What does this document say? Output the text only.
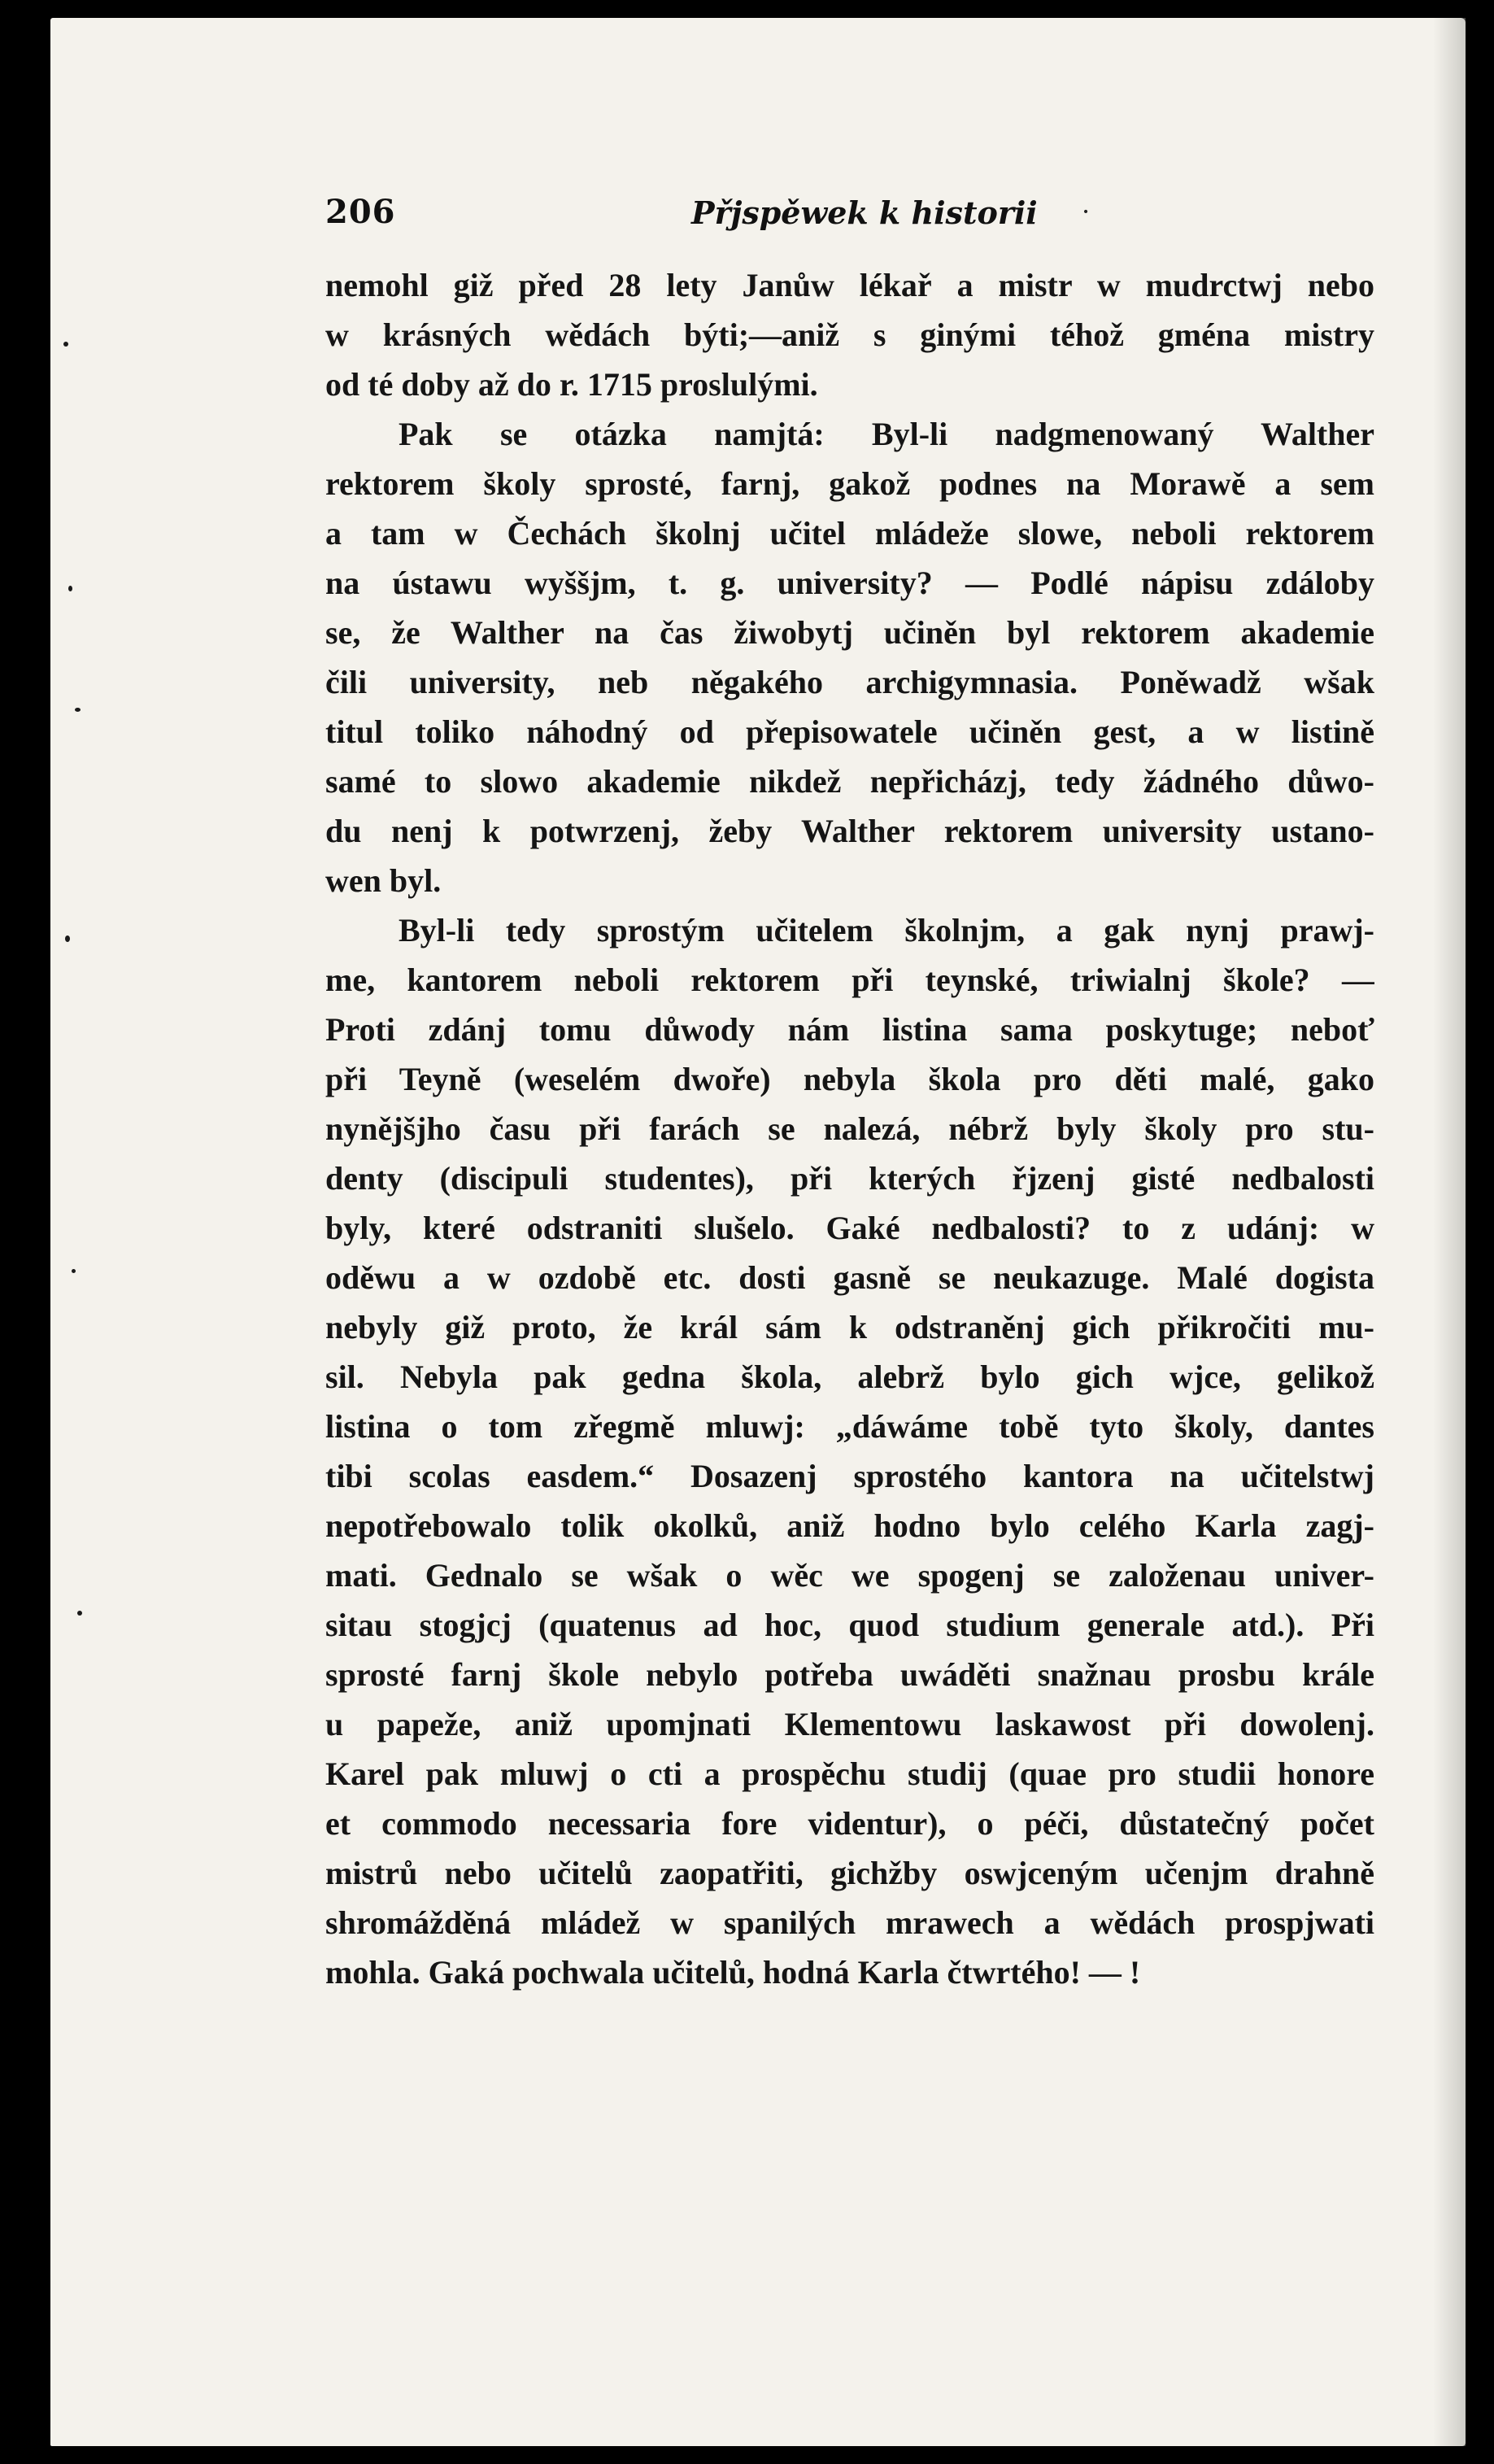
206	Přjspěwek k historii ·
nemohl giž před 28 lety Janůw lékař a mistr w mudrctwj nebo
w krásných wědách býti;—aniž s ginými téhož gména mistry
od té doby až do r. 1715 proslulými.
Pak se otázka namjtá: Byl-li nadgmenowaný Walther
rektorem školy sprosté, farnj, gakož podnes na Morawě a sem
a tam w Čechách školnj učitel mládeže slowe, neboli rektorem
na ústawu wyššjm, t. g. university? — Podlé nápisu zdáloby
se, že Walther na čas žiwobytj učiněn byl rektorem akademie
čili university, neb něgakého archigymnasia. Poněwadž wšak
titul toliko náhodný od přepisowatele učiněn gest, a w listině
samé to slowo akademie nikdež nepřicházj, tedy žádného důwo-
du nenj k potwrzenj, žeby Walther rektorem university ustano-
wen byl.
Byl-li tedy sprostým učitelem školnjm, a gak nynj prawj-
me, kantorem neboli rektorem při teynské, triwialnj škole? —
Proti zdánj tomu důwody nám listina sama poskytuge; neboť
při Teyně (weselém dwoře) nebyla škola pro děti malé, gako
nynějšjho času při farách se nalezá, nébrž byly školy pro stu-
denty (discipuli studentes), při kterých řjzenj gisté nedbalosti
byly, které odstraniti slušelo. Gaké nedbalosti? to z udánj: w
oděwu a w ozdobě etc. dosti gasně se neukazuge. Malé dogista
nebyly giž proto, že král sám k odstraněnj gich přikročiti mu-
sil. Nebyla pak gedna škola, alebrž bylo gich wjce, gelikož
listina o tom zřegmě mluwj: „dáwáme tobě tyto školy, dantes
tibi scolas easdem.“ Dosazenj sprostého kantora na učitelstwj
nepotřebowalo tolik okolků, aniž hodno bylo celého Karla zagj-
mati. Gednalo se wšak o wěc we spogenj se založenau univer-
sitau stogjcj (quatenus ad hoc, quod studium generale atd.). Při
sprosté farnj škole nebylo potřeba uwáděti snažnau prosbu krále
u papeže, aniž upomjnati Klementowu laskawost při dowolenj.
Karel pak mluwj o cti a prospěchu studij (quae pro studii honore
et commodo necessaria fore videntur), o péči, důstatečný počet
mistrů nebo učitelů zaopatřiti, gichžby oswjceným učenjm drahně
shromážděná mládež w spanilých mrawech a wědách prospjwati
mohla. Gaká pochwala učitelů, hodná Karla čtwrtého! — !
